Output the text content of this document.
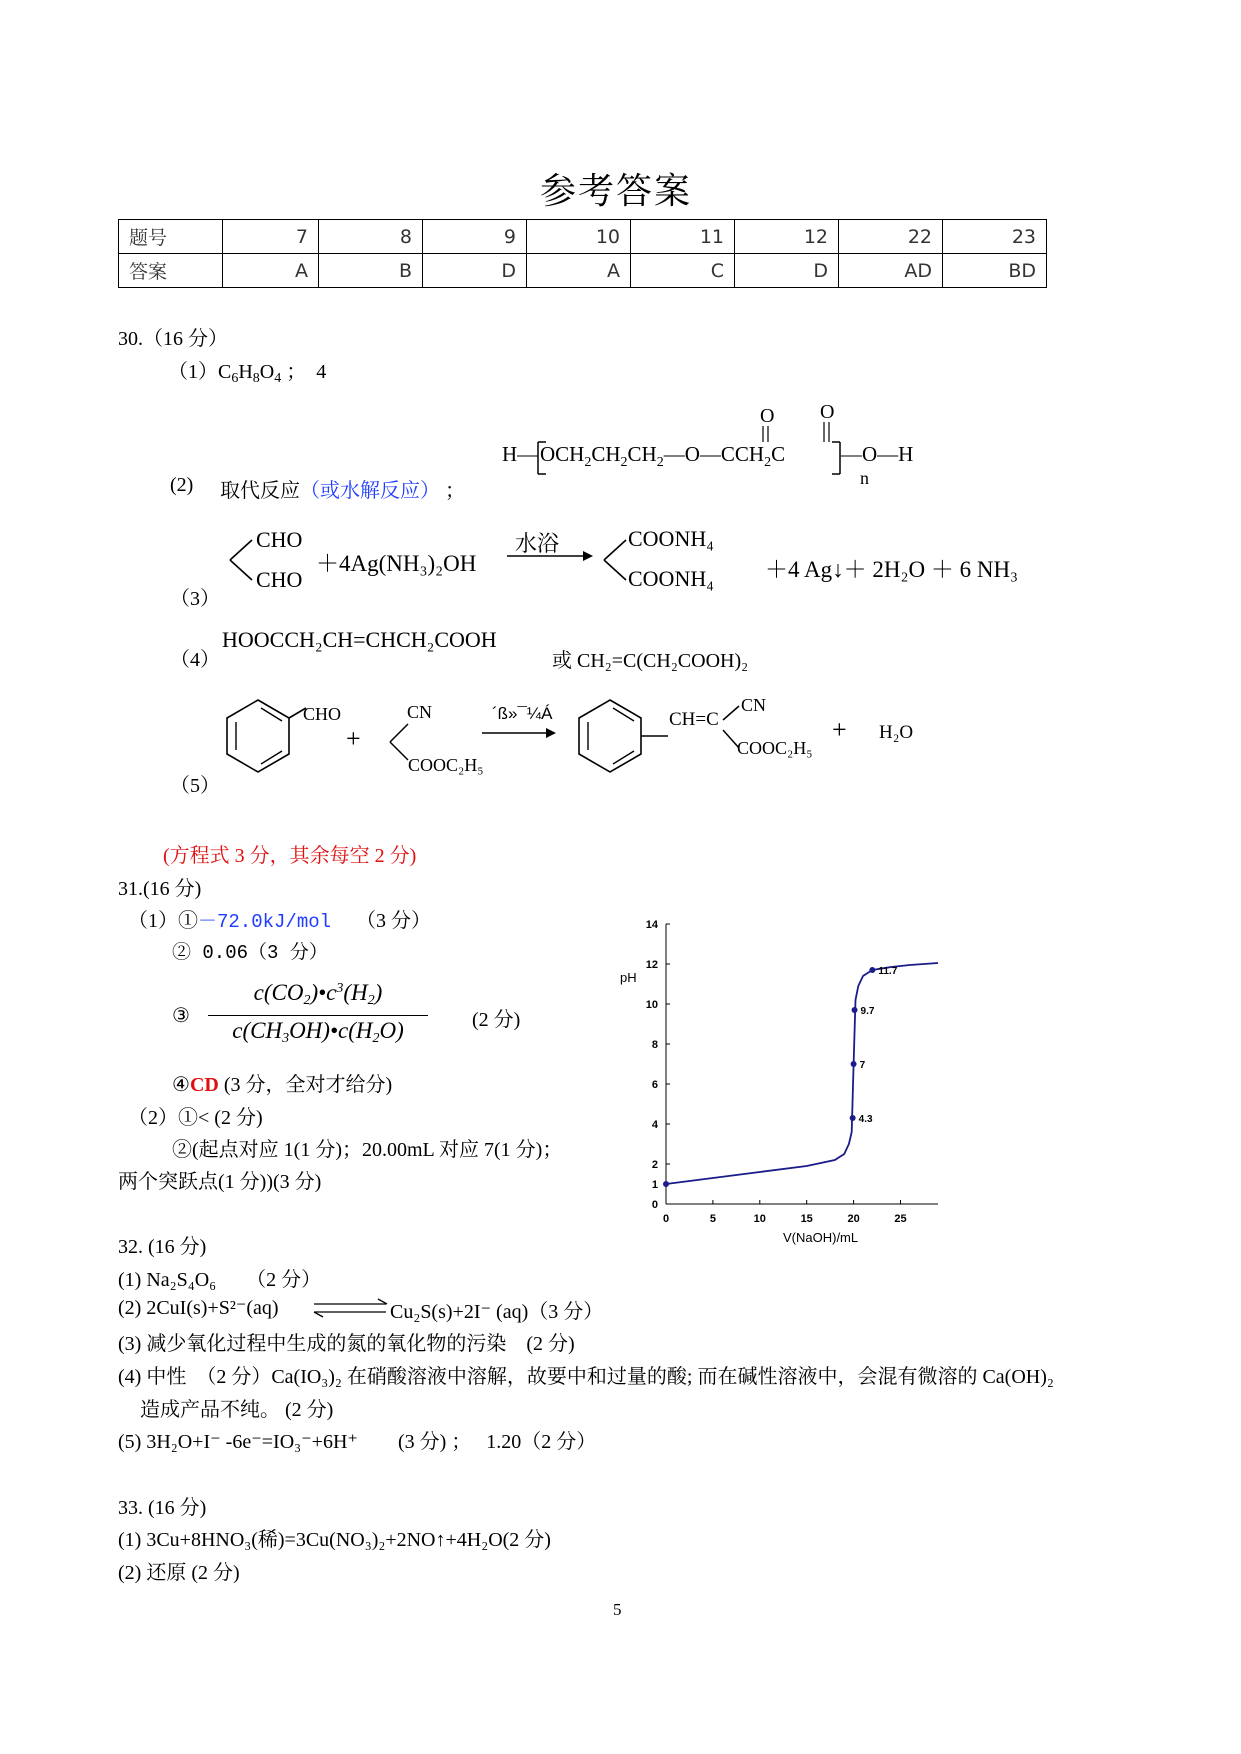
参考答案
题号	7	8	9	10	11	12	22	23
答案	A	B	D	A	C	D	AD	BD
30.（16 分）
$(1)C_6H_8O_4$ ；　4
(2) 取代反应（或水解反应） ；
H— $OCH_2CH_2CH_2—O—CCH_2C$
O O
—O—H
n
（3）
CHO
CHO
＋4Ag(NH₃)₂OH
水浴	COONH₄
COONH₄ ＋4 Ag↓＋ 2H₂O ＋ 6 NH₃
（4）
HOOCCH₂CH=CHCH₂COOH
或 CH₂=C(CH₂COOH)₂
（5）
CHO
+
CN
COOC₂H₅
´ß»¯¼Á	CH=C
CN
COOC₂H₅
+ H₂O
(方程式 3 分，其余每空 2 分)
31.(16 分)
（1）①－72.0kJ/mol （3 分）
② 0.06（3 分）
③
$c(CO_2)•c^3(H_2)$
$c(CH_3OH)•c(H_2O)$	(2 分)
④CD (3 分，全对才给分)
（2）①< (2 分)
②(起点对应 1(1 分)；20.00mL 对应 7(1 分)；
两个突跃点(1 分))(3 分)
0
1
2
4
6
8
10
12
14
0	5	10	15	20	25
4.3
7
9.7
11.7
pH
V(NaOH)/mL
32. (16 分)
(1) Na₂S₄O₆　　（2 分）
(2) 2CuI(s)+S²⁻(aq) ⇌ Cu₂S(s)+2I⁻ (aq)（3 分）
(3) 减少氧化过程中生成的氮的氧化物的污染　(2 分)
(4) 中性　（2 分）Ca(IO₃)₂ 在硝酸溶液中溶解，故要中和过量的酸; 而在碱性溶液中，会混有微溶的 Ca(OH)₂
造成产品不纯。 (2 分)
(5) 3H₂O+I⁻ -6e⁻=IO₃⁻+6H⁺　　(3 分) ；　 1.20（2 分）
33. (16 分)
(1) 3Cu+8HNO₃(稀)=3Cu(NO₃)₂+2NO↑+4H₂O(2 分)
(2) 还原 (2 分)
5
